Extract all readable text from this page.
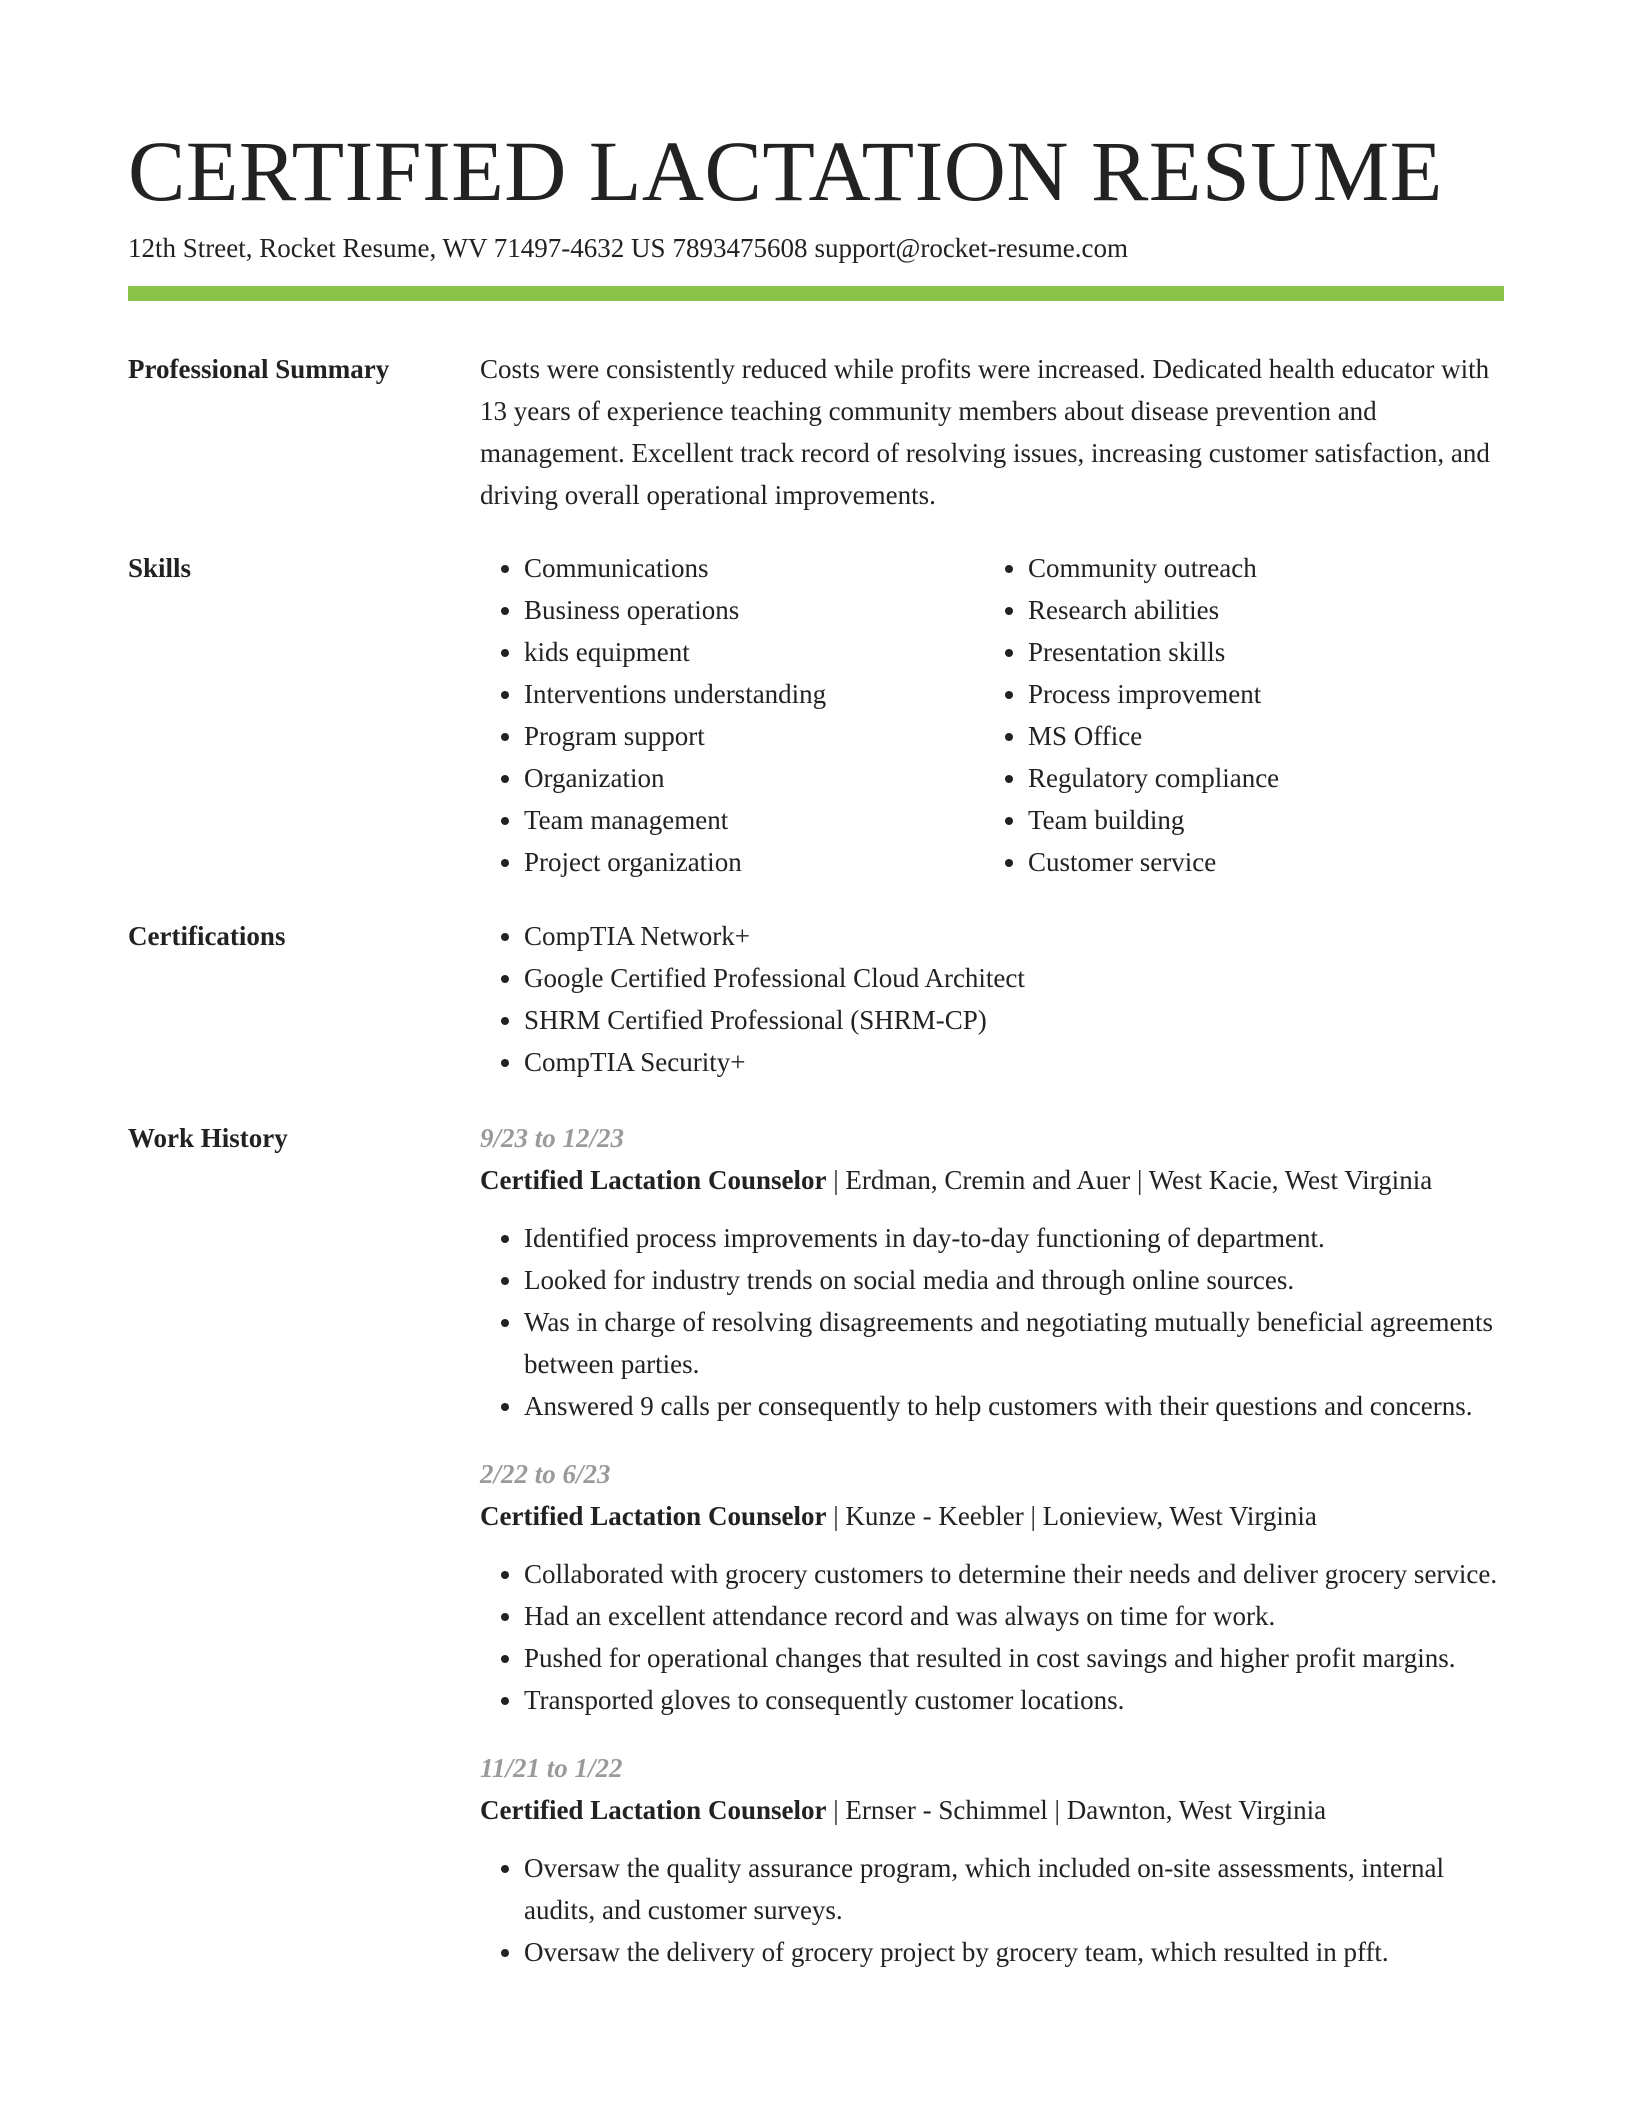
CERTIFIED LACTATION RESUME
12th Street, Rocket Resume, WV 71497-4632 US 7893475608 support@rocket-resume.com
Professional Summary	Costs were consistently reduced while profits were increased. Dedicated health educator with 13 years of experience teaching community members about disease prevention and management. Excellent track record of resolving issues, increasing customer satisfaction, and driving overall operational improvements.

Skills	• Communications
• Business operations
• kids equipment
• Interventions understanding
• Program support
• Organization
• Team management
• Project organization
• Community outreach
• Research abilities
• Presentation skills
• Process improvement
• MS Office
• Regulatory compliance
• Team building
• Customer service
Certifications	• CompTIA Network+
• Google Certified Professional Cloud Architect
• SHRM Certified Professional (SHRM-CP)
• CompTIA Security+
Work History	9/23 to 12/23
Certified Lactation Counselor | Erdman, Cremin and Auer | West Kacie, West Virginia
• Identified process improvements in day-to-day functioning of department.
• Looked for industry trends on social media and through online sources.
• Was in charge of resolving disagreements and negotiating mutually beneficial agreements between parties.
• Answered 9 calls per consequently to help customers with their questions and concerns.
2/22 to 6/23
Certified Lactation Counselor | Kunze - Keebler | Lonieview, West Virginia
• Collaborated with grocery customers to determine their needs and deliver grocery service.
• Had an excellent attendance record and was always on time for work.
• Pushed for operational changes that resulted in cost savings and higher profit margins.
• Transported gloves to consequently customer locations.
11/21 to 1/22
Certified Lactation Counselor | Ernser - Schimmel | Dawnton, West Virginia
• Oversaw the quality assurance program, which included on-site assessments, internal audits, and customer surveys.
• Oversaw the delivery of grocery project by grocery team, which resulted in pfft.
